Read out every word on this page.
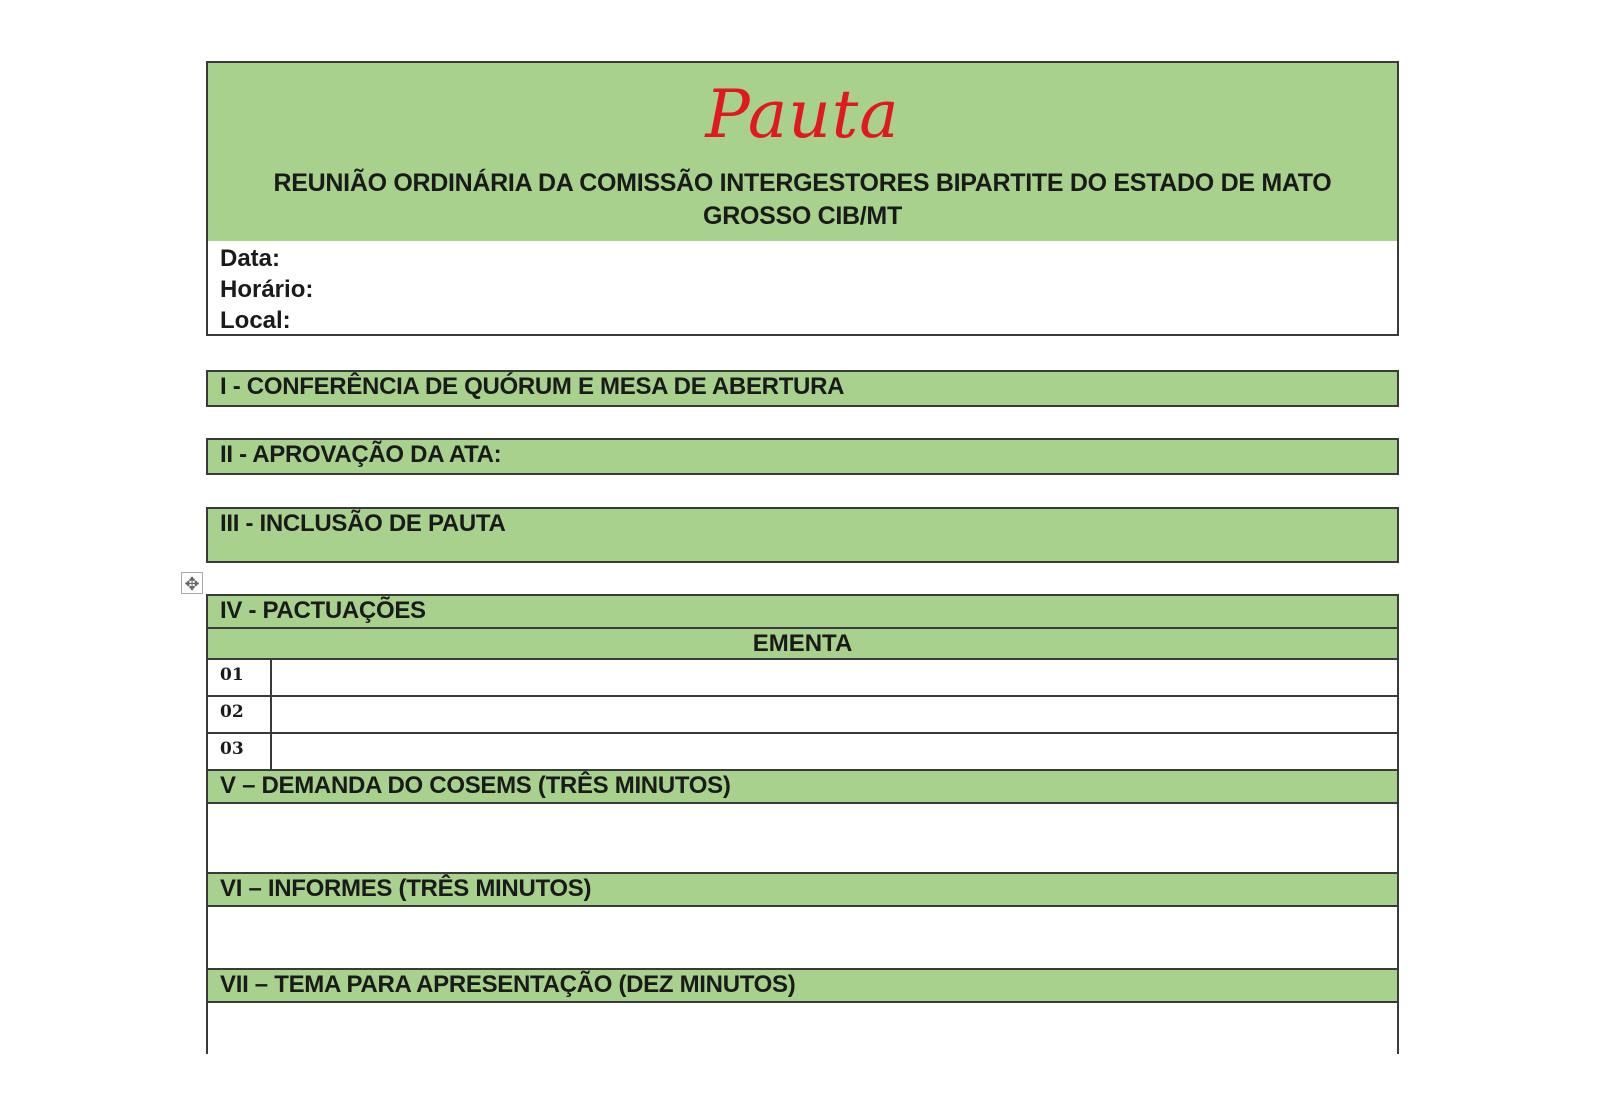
Pauta
REUNIÃO ORDINÁRIA DA COMISSÃO INTERGESTORES BIPARTITE DO ESTADO DE MATO GROSSO CIB/MT
Data:
Horário:
Local:
I - CONFERÊNCIA DE QUÓRUM E MESA DE ABERTURA
II - APROVAÇÃO DA ATA:
III - INCLUSÃO DE PAUTA
✥
IV - PACTUAÇÕES
EMENTA
01
02
03
V – DEMANDA DO COSEMS (TRÊS MINUTOS)
VI – INFORMES (TRÊS MINUTOS)
VII – TEMA PARA APRESENTAÇÃO (DEZ MINUTOS)
